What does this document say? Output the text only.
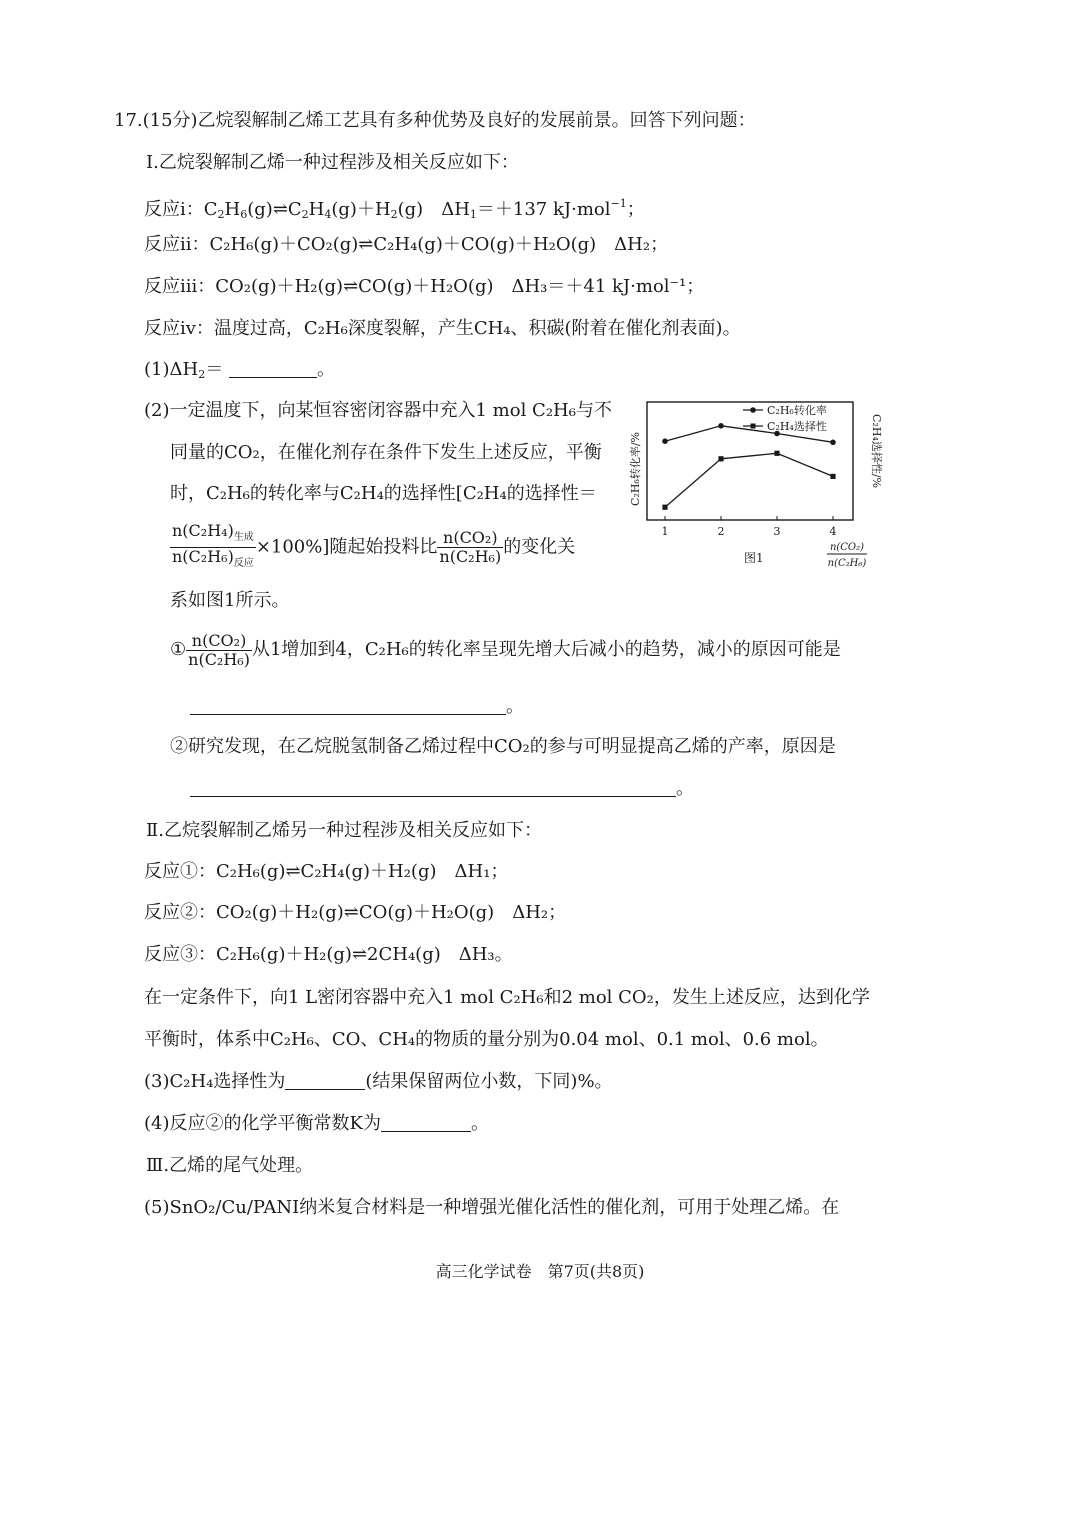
17.(15分)乙烷裂解制乙烯工艺具有多种优势及良好的发展前景。回答下列问题：
Ⅰ.乙烷裂解制乙烯一种过程涉及相关反应如下：
反应ⅰ：$C_2H_6(g)\rightleftharpoons C_2H_4(g)+H_2(g)$　$\Delta H_1=+137$ kJ·mol$^{-1}$；
反应ⅱ：C₂H₆(g)＋CO₂(g)⇌C₂H₄(g)＋CO(g)＋H₂O(g)　ΔH₂；
反应ⅲ：CO₂(g)＋H₂(g)⇌CO(g)＋H₂O(g)　ΔH₃＝＋41 kJ·mol⁻¹；
反应ⅳ：温度过高，C₂H₆深度裂解，产生CH₄、积碳(附着在催化剂表面)。
$(1)\Delta H_2=$	。
(2)一定温度下，向某恒容密闭容器中充入1 mol C₂H₆与不
同量的CO₂，在催化剂存在条件下发生上述反应，平衡
时，C₂H₆的转化率与C₂H₄的选择性[C₂H₄的选择性＝
$\frac{n(C_2H_4)_{生成}}{n(C_2H_6)_{反应}} \times 100\%$]随起始投料比 $\frac{\text{n(CO₂)}}{\text{n(C₂H₆)}}$ 的变化关
系如图1所示。
1	2	3	4
C₂H₆转化率/%	C₂H₄选择性/%
C₂H₆转化率
C₂H₄选择性
图1
n(CO₂)
n(C₂H₆)
① $\frac{\text{n(CO₂)}}{\text{n(C₂H₆)}}$ 从1增加到4，C₂H₆的转化率呈现先增大后减小的趋势，减小的原因可能是
。
②研究发现，在乙烷脱氢制备乙烯过程中CO₂的参与可明显提高乙烯的产率，原因是
。
Ⅱ.乙烷裂解制乙烯另一种过程涉及相关反应如下：
反应①：C₂H₆(g)⇌C₂H₄(g)＋H₂(g)　ΔH₁；
反应②：CO₂(g)＋H₂(g)⇌CO(g)＋H₂O(g)　ΔH₂；
反应③：C₂H₆(g)＋H₂(g)⇌2CH₄(g)　ΔH₃。
在一定条件下，向1 L密闭容器中充入1 mol C₂H₆和2 mol CO₂，发生上述反应，达到化学
平衡时，体系中C₂H₆、CO、CH₄的物质的量分别为0.04 mol、0.1 mol、0.6 mol。
(3)C₂H₄选择性为	(结果保留两位小数，下同)%。
(4)反应②的化学平衡常数K为	。
Ⅲ.乙烯的尾气处理。
(5)SnO₂/Cu/PANI纳米复合材料是一种增强光催化活性的催化剂，可用于处理乙烯。在
高三化学试卷　第7页(共8页)
